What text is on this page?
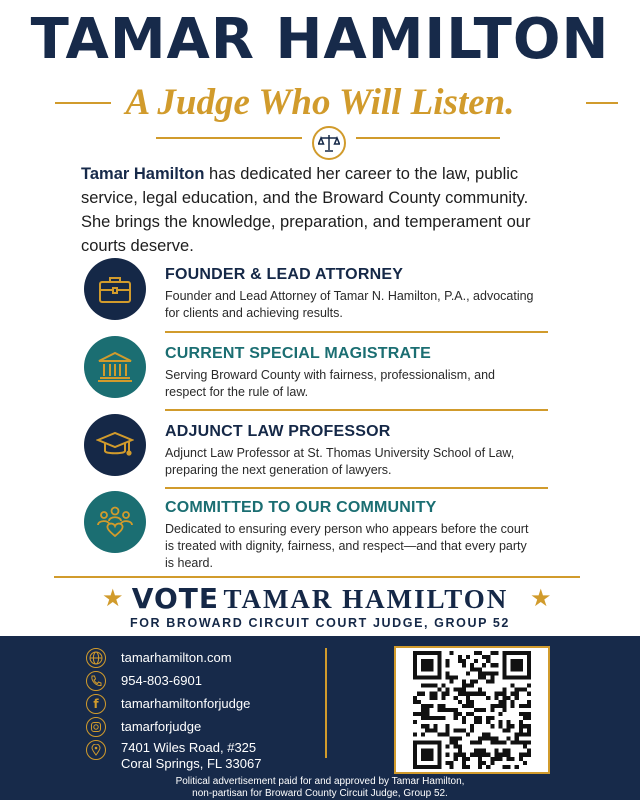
TAMAR HAMILTON
A Judge Who Will Listen.
Tamar Hamilton has dedicated her career to the law, public service, legal education, and the Broward County community. She brings the knowledge, preparation, and temperament our courts deserve.
FOUNDER & LEAD ATTORNEY
Founder and Lead Attorney of Tamar N. Hamilton, P.A., advocating for clients and achieving results.
CURRENT SPECIAL MAGISTRATE
Serving Broward County with fairness, professionalism, and respect for the rule of law.
ADJUNCT LAW PROFESSOR
Adjunct Law Professor at St. Thomas University School of Law, preparing the next generation of lawyers.
COMMITTED TO OUR COMMUNITY
Dedicated to ensuring every person who appears before the court is treated with dignity, fairness, and respect—and that every party is heard.
★ VOTE TAMAR HAMILTON ★
FOR BROWARD CIRCUIT COURT JUDGE, GROUP 52
tamarhamilton.com
954-803-6901
f tamarhamiltonforjudge
tamarforjudge
7401 Wiles Road, #325
Coral Springs, FL 33067
Political advertisement paid for and approved by Tamar Hamilton,
non-partisan for Broward County Circuit Judge, Group 52.
